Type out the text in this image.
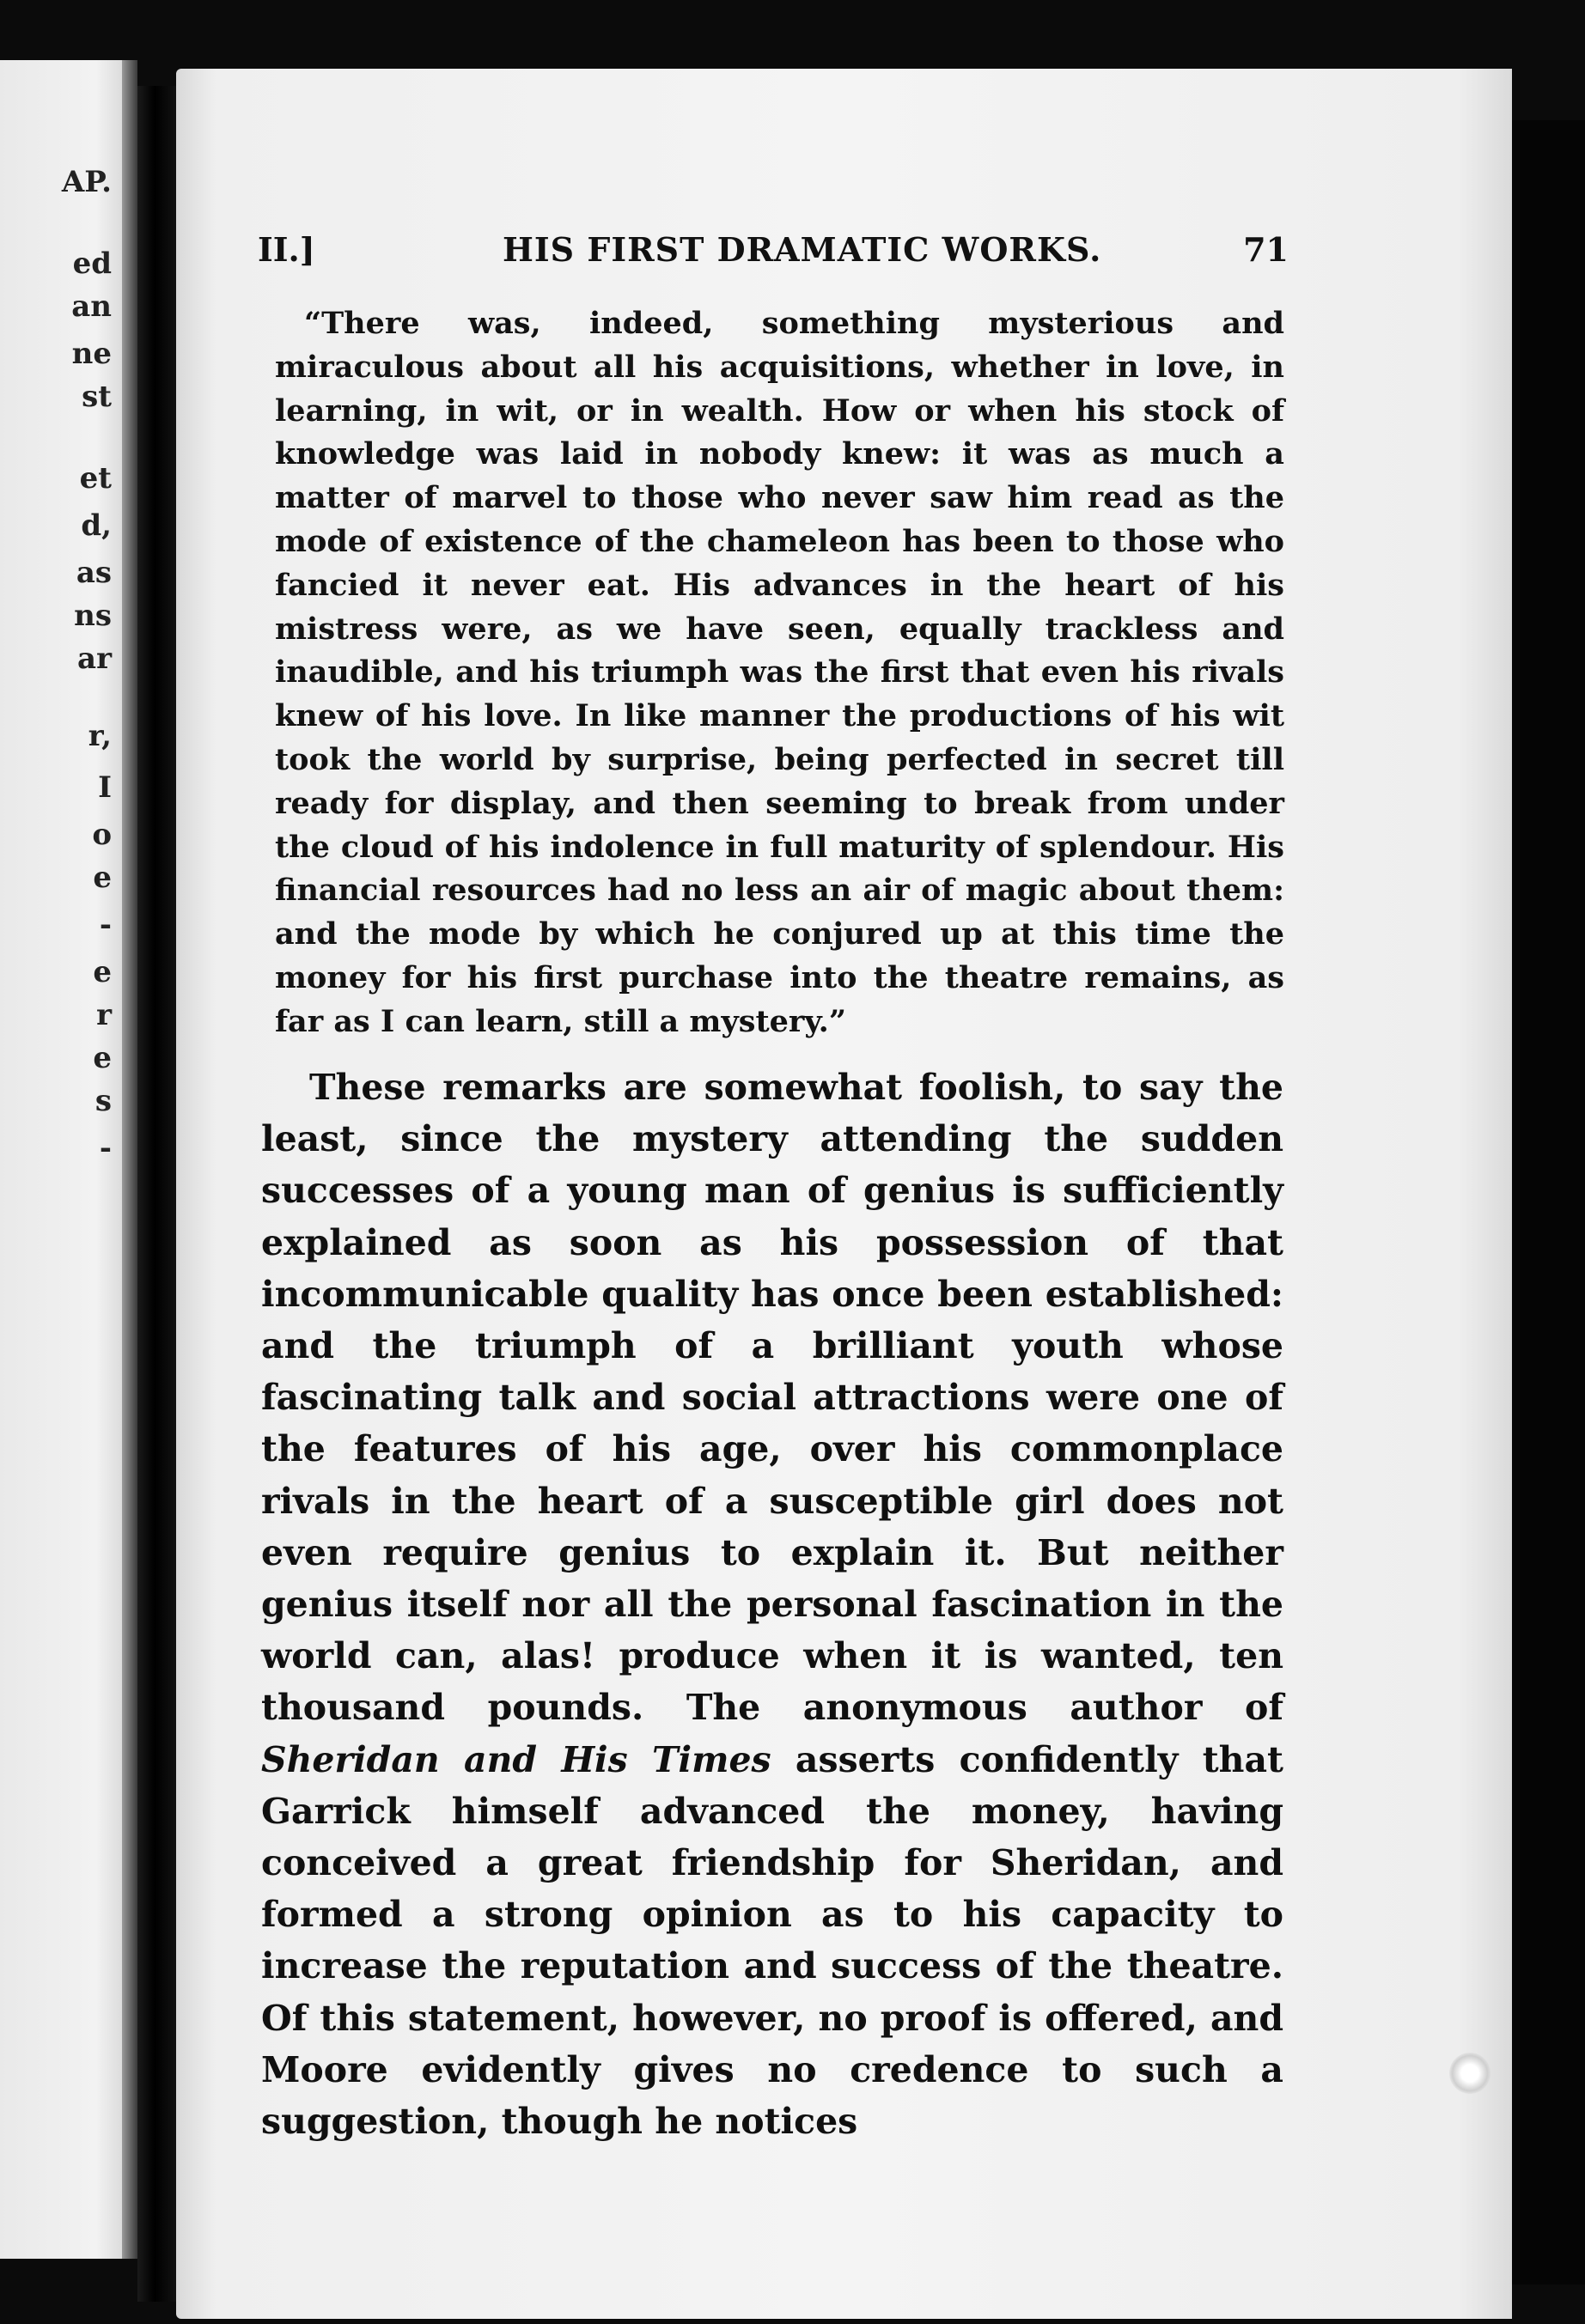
AP.
ed
an
ne
st
et
d,
as
ns
ar
r,
I
o
e
-
e
r
e
s
-
II.]	HIS FIRST DRAMATIC WORKS.	71

“There was, indeed, something mysterious and miraculous about all his acquisitions, whether in love, in learning, in wit, or in wealth. How or when his stock of knowledge was laid in nobody knew: it was as much a matter of marvel to those who never saw him read as the mode of existence of the chameleon has been to those who fancied it never eat. His advances in the heart of his mistress were, as we have seen, equally trackless and inaudible, and his triumph was the first that even his rivals knew of his love. In like manner the productions of his wit took the world by surprise, being perfected in secret till ready for display, and then seeming to break from under the cloud of his indolence in full maturity of splendour. His financial resources had no less an air of magic about them: and the mode by which he conjured up at this time the money for his first purchase into the theatre remains, as far as I can learn, still a mystery.”

These remarks are somewhat foolish, to say the least, since the mystery attending the sudden successes of a young man of genius is sufficiently explained as soon as his possession of that incommunicable quality has once been established: and the triumph of a brilliant youth whose fascinating talk and social attractions were one of the features of his age, over his commonplace rivals in the heart of a susceptible girl does not even require genius to explain it. But neither genius itself nor all the personal fascination in the world can, alas! produce when it is wanted, ten thousand pounds. The anonymous author of Sheridan and His Times asserts confidently that Garrick himself advanced the money, having conceived a great friendship for Sheridan, and formed a strong opinion as to his capacity to increase the reputation and success of the theatre. Of this statement, however, no proof is offered, and Moore evidently gives no credence to such a suggestion, though he notices
